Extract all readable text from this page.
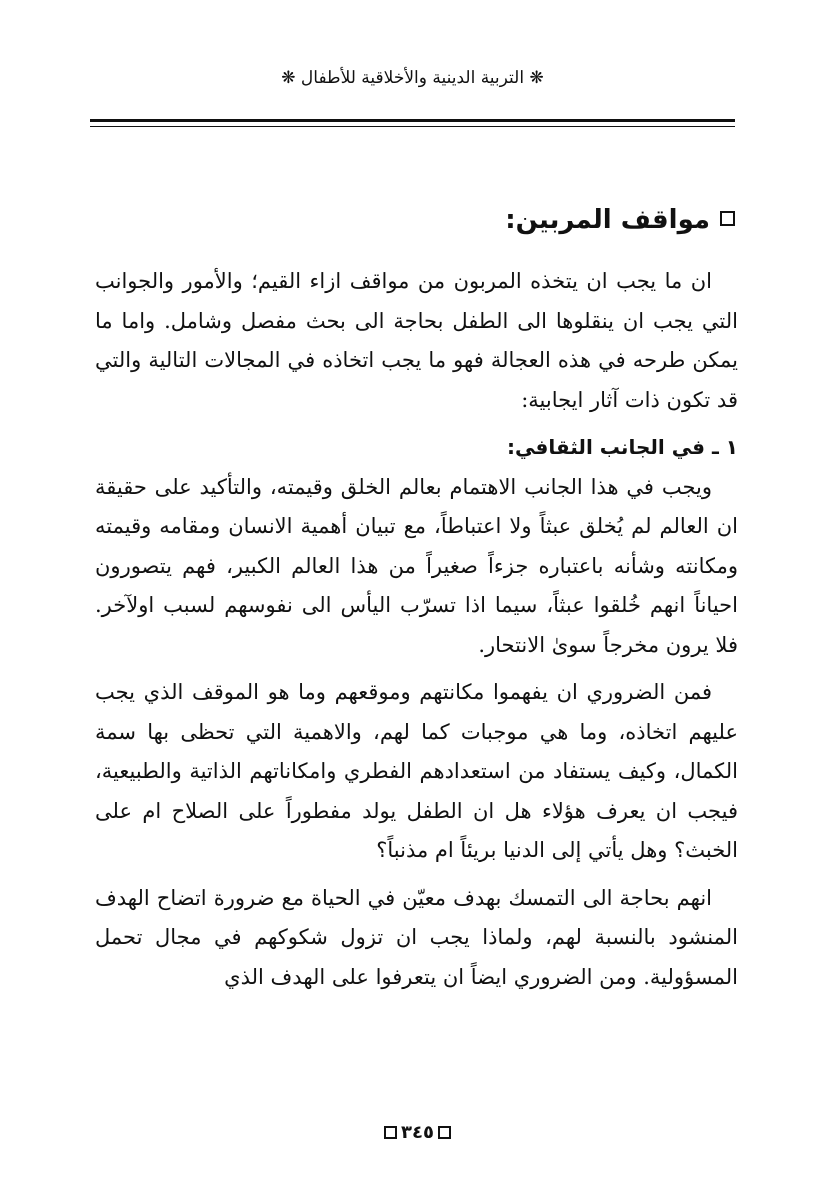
❋ التربية الدينية والأخلاقية للأطفال ❋
مواقف المربين:

ان ما يجب ان يتخذه المربون من مواقف ازاء القيم؛ والأمور والجوانب التي يجب ان ينقلوها الى الطفل بحاجة الى بحث مفصل وشامل. واما ما يمكن طرحه في هذه العجالة فهو ما يجب اتخاذه في المجالات التالية والتي قد تكون ذات آثار ايجابية:

١ ـ في الجانب الثقافي:

ويجب في هذا الجانب الاهتمام بعالم الخلق وقيمته، والتأكيد على حقيقة ان العالم لم يُخلق عبثاً ولا اعتباطاً، مع تبيان أهمية الانسان ومقامه وقيمته ومكانته وشأنه باعتباره جزءاً صغيراً من هذا العالم الكبير، فهم يتصورون احياناً انهم خُلقوا عبثاً، سيما اذا تسرّب اليأس الى نفوسهم لسبب اولآخر. فلا يرون مخرجاً سوىٰ الانتحار.

فمن الضروري ان يفهموا مكانتهم وموقعهم وما هو الموقف الذي يجب عليهم اتخاذه، وما هي موجبات كما لهم، والاهمية التي تحظى بها سمة الكمال، وكيف يستفاد من استعدادهم الفطري وامكاناتهم الذاتية والطبيعية، فيجب ان يعرف هؤلاء هل ان الطفل يولد مفطوراً على الصلاح ام على الخبث؟ وهل يأتي إلى الدنيا بريئاً ام مذنباً؟

انهم بحاجة الى التمسك بهدف معيّن في الحياة مع ضرورة اتضاح الهدف المنشود بالنسبة لهم، ولماذا يجب ان تزول شكوكهم في مجال تحمل المسؤولية. ومن الضروري ايضاً ان يتعرفوا على الهدف الذي

٣٤٥
